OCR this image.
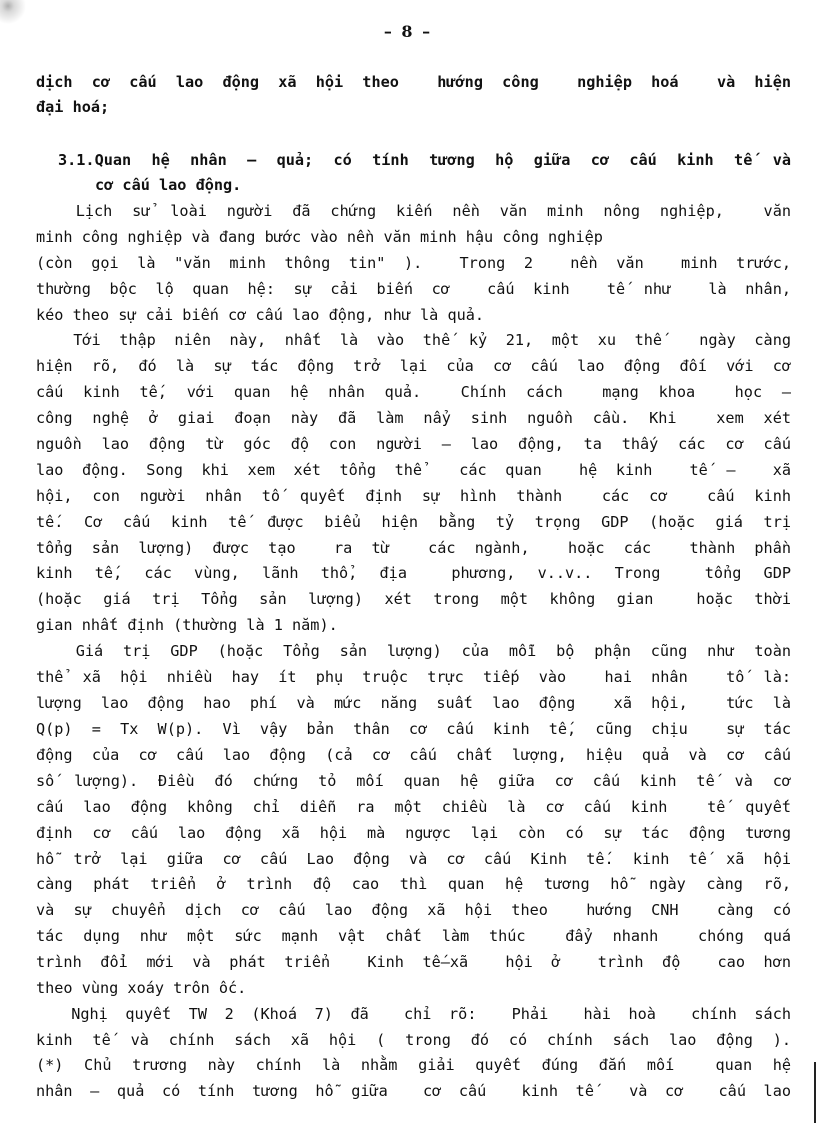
– 8 –
dịch cơ cấu lao động xã hội theo  hướng công  nghiệp hoá  và hiện
đại hoá;
3.1.Quan hệ nhân – quả; có tính tương hộ giữa cơ cấu kinh tế và
cơ cấu lao động.
Lịch sử loài người đã chứng kiến nền văn minh nông nghiệp,  văn
minh công nghiệp và đang bước vào nền văn minh hậu công nghiệp
(còn gọi là "văn minh thông tin" ).  Trong 2  nền văn  minh trước,
thường bộc lộ quan hệ: sự cải biến cơ  cấu kinh  tế như  là nhân,
kéo theo sự cải biến cơ cấu lao động, như là quả.
Tới thập niên này, nhất là vào thế kỷ 21, một xu thế  ngày càng
hiện rõ, đó là sự tác động trở lại của cơ cấu lao động đối với cơ
cấu kinh tế, với quan hệ nhân quả.  Chính cách  mạng khoa  học –
công nghệ ở giai đoạn này đã làm nẩy sinh nguồn cầu. Khi  xem xét
nguồn lao động từ góc độ con người – lao động, ta thấy các cơ cấu
lao động. Song khi xem xét tổng thể  các quan  hệ kinh  tế –  xã
hội, con người nhân tố quyết định sự hình thành  các cơ  cấu kinh
tế. Cơ cấu kinh tế được biểu hiện bằng tỷ trọng GDP (hoặc giá trị
tổng sản lượng) được tạo  ra từ  các ngành,  hoặc các  thành phần
kinh tế, các vùng, lãnh thổ, địa  phương, v..v.. Trong  tổng GDP
(hoặc giá trị Tổng sản lượng) xét trong một không gian  hoặc thời
gian nhất định (thường là 1 năm).
Giá trị GDP (hoặc Tổng sản lượng) của mỗi bộ phận cũng như toàn
thể xã hội nhiều hay ít phụ truộc trực tiếp vào  hai nhân  tố là:
lượng lao động hao phí và mức năng suất lao động  xã hội,  tức là
Q(p) = Tx W(p). Vì vậy bản thân cơ cấu kinh tế, cũng chịu  sự tác
động của cơ cấu lao động (cả cơ cấu chất lượng, hiệu quả và cơ cấu
số lượng). Điều đó chứng tỏ mối quan hệ giữa cơ cấu kinh tế và cơ
cấu lao động không chỉ diễn ra một chiều là cơ cấu kinh  tế quyết
định cơ cấu lao động xã hội mà ngược lại còn có sự tác động tương
hỗ trở lại giữa cơ cấu Lao động và cơ cấu Kinh tế. kinh tế xã hội
càng phát triển ở trình độ cao thì quan hệ tương hỗ ngày càng rõ,
và sự chuyển dịch cơ cấu lao động xã hội theo  hướng CNH  càng có
tác dụng như một sức mạnh vật chất làm thúc  đẩy nhanh  chóng quá
trình đổi mới và phát triển  Kinh tế–xã  hội ở  trình độ  cao hơn
theo vùng xoáy trôn ốc.
Nghị quyết TW 2 (Khoá 7) đã  chỉ rõ:  Phải  hài hoà  chính sách
kinh tế và chính sách xã hội ( trong đó có chính sách lao động ).
(*) Chủ trương này chính là nhằm giải quyết đúng đắn mối  quan hệ
nhân – quả có tính tương hỗ giữa  cơ cấu  kinh tế  và cơ  cấu lao
